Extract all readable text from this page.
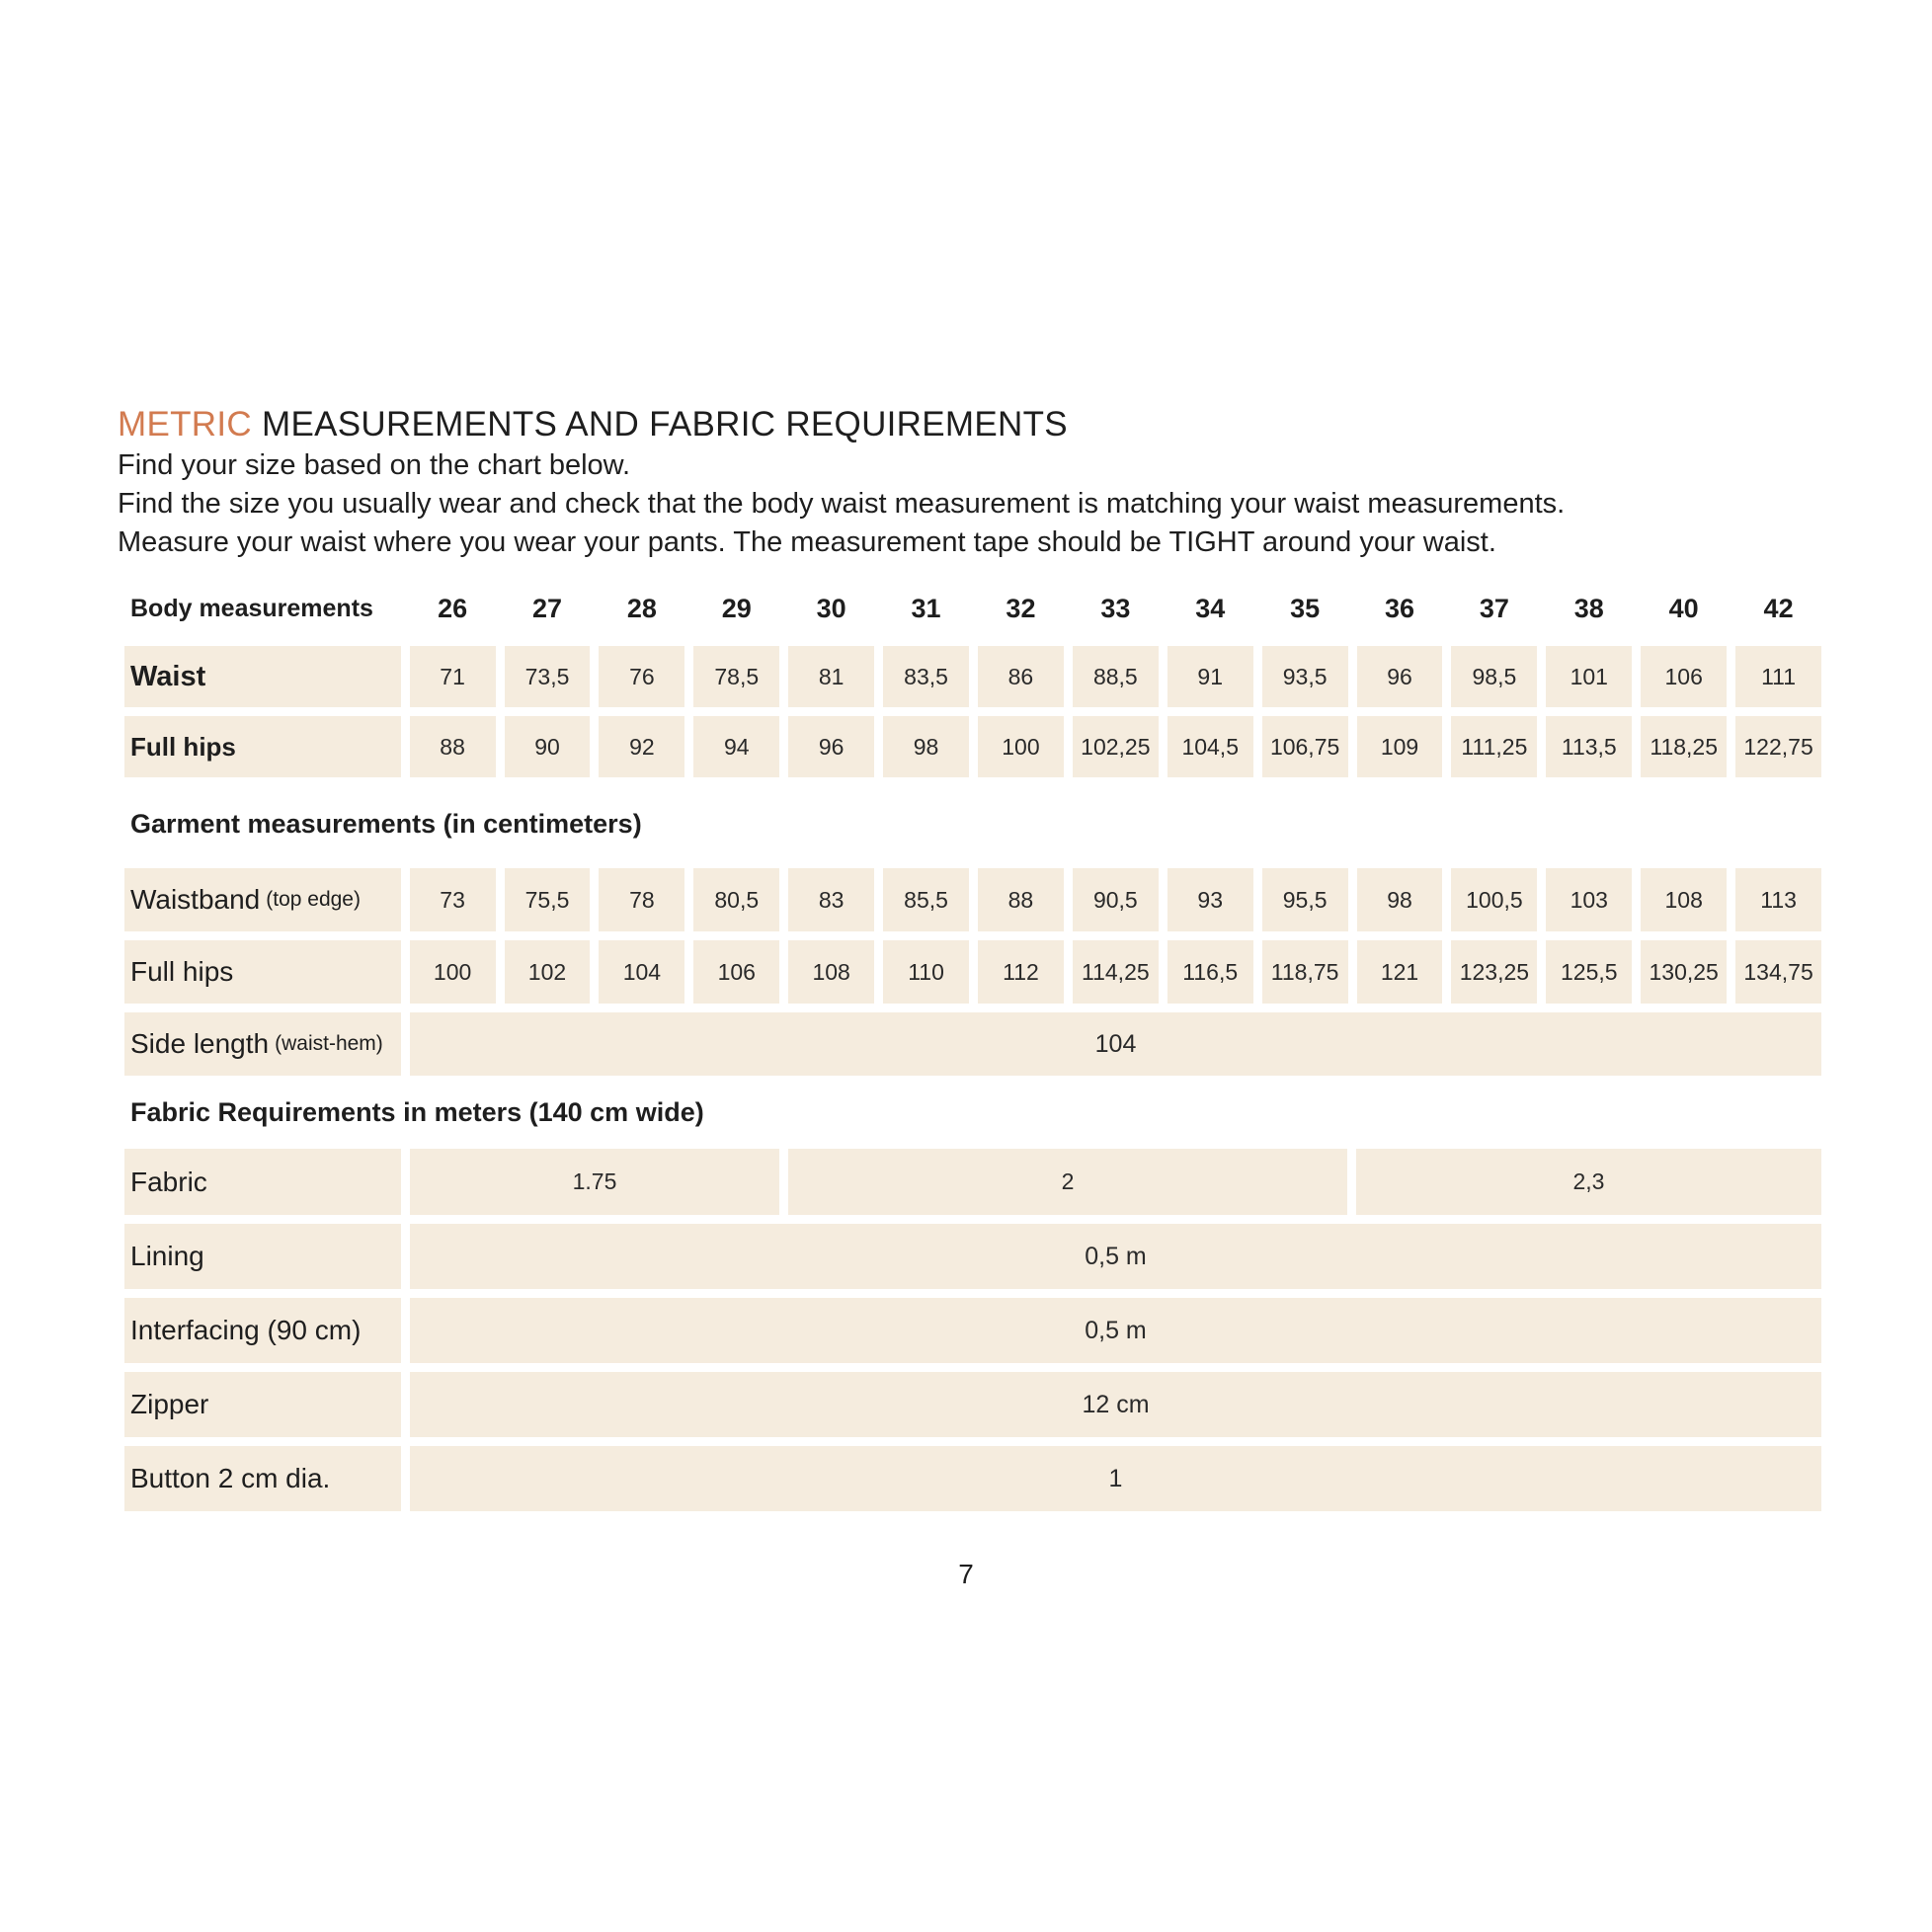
METRIC MEASUREMENTS AND FABRIC REQUIREMENTS

Find your size based on the chart below.

Find the size you usually wear and check that the body waist measurement is matching your waist measurements.

Measure your waist where you wear your pants. The measurement tape should be TIGHT around your waist.

Body measurements	26	27	28	29	30	31	32	33	34	35	36	37	38	40	42
Waist	71	73,5	76	78,5	81	83,5	86	88,5	91	93,5	96	98,5	101	106	111
Full hips	88	90	92	94	96	98	100	102,25	104,5	106,75	109	111,25	113,5	118,25	122,75
Garment measurements (in centimeters)
Waistband (top edge)	73	75,5	78	80,5	83	85,5	88	90,5	93	95,5	98	100,5	103	108	113
Full hips	100	102	104	106	108	110	112	114,25	116,5	118,75	121	123,25	125,5	130,25	134,75
Side length (waist-hem)	104
Fabric Requirements in meters (140 cm wide)
Fabric	1.75	2	2,3
Lining	0,5 m
Interfacing (90 cm)	0,5 m
Zipper	12 cm
Button 2 cm dia.	1
7
